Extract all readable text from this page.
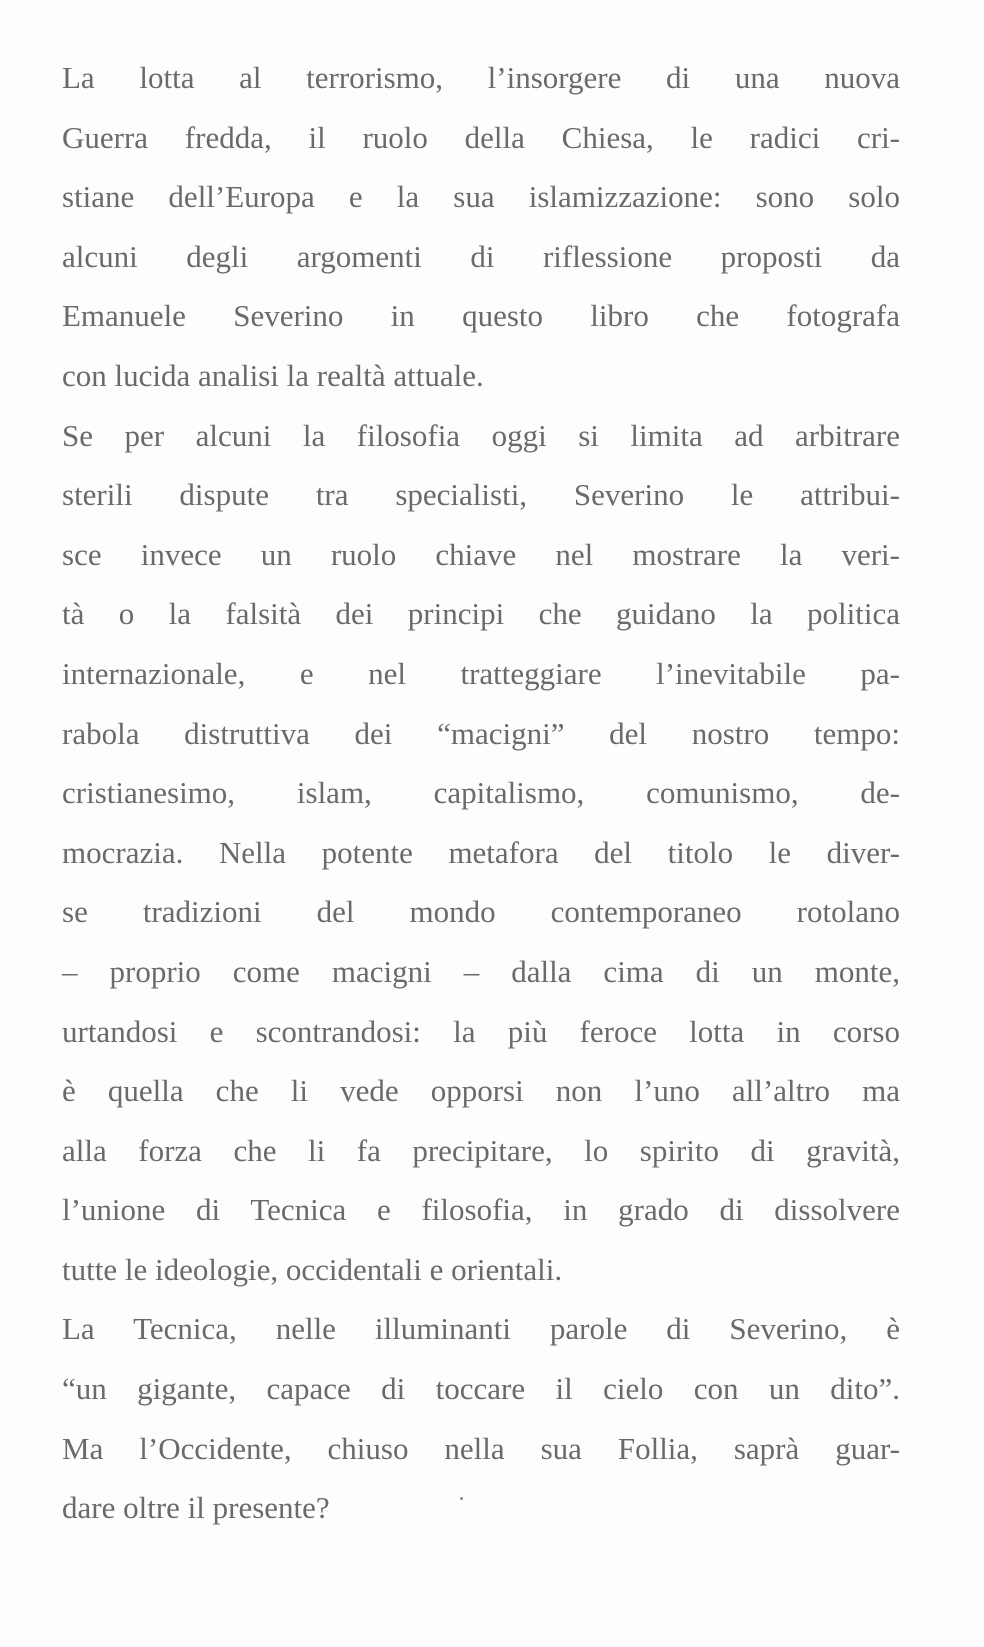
La lotta al terrorismo, l’insorgere di una nuova
Guerra fredda, il ruolo della Chiesa, le radici cri-
stiane dell’Europa e la sua islamizzazione: sono solo
alcuni degli argomenti di riflessione proposti da
Emanuele Severino in questo libro che fotografa
con lucida analisi la realtà attuale.
Se per alcuni la filosofia oggi si limita ad arbitrare
sterili dispute tra specialisti, Severino le attribui-
sce invece un ruolo chiave nel mostrare la veri-
tà o la falsità dei principi che guidano la politica
internazionale, e nel tratteggiare l’inevitabile pa-
rabola distruttiva dei “macigni” del nostro tempo:
cristianesimo, islam, capitalismo, comunismo, de-
mocrazia. Nella potente metafora del titolo le diver-
se tradizioni del mondo contemporaneo rotolano
– proprio come macigni – dalla cima di un monte,
urtandosi e scontrandosi: la più feroce lotta in corso
è quella che li vede opporsi non l’uno all’altro ma
alla forza che li fa precipitare, lo spirito di gravità,
l’unione di Tecnica e filosofia, in grado di dissolvere
tutte le ideologie, occidentali e orientali.
La Tecnica, nelle illuminanti parole di Severino, è
“un gigante, capace di toccare il cielo con un dito”.
Ma l’Occidente, chiuso nella sua Follia, saprà guar-
dare oltre il presente?
